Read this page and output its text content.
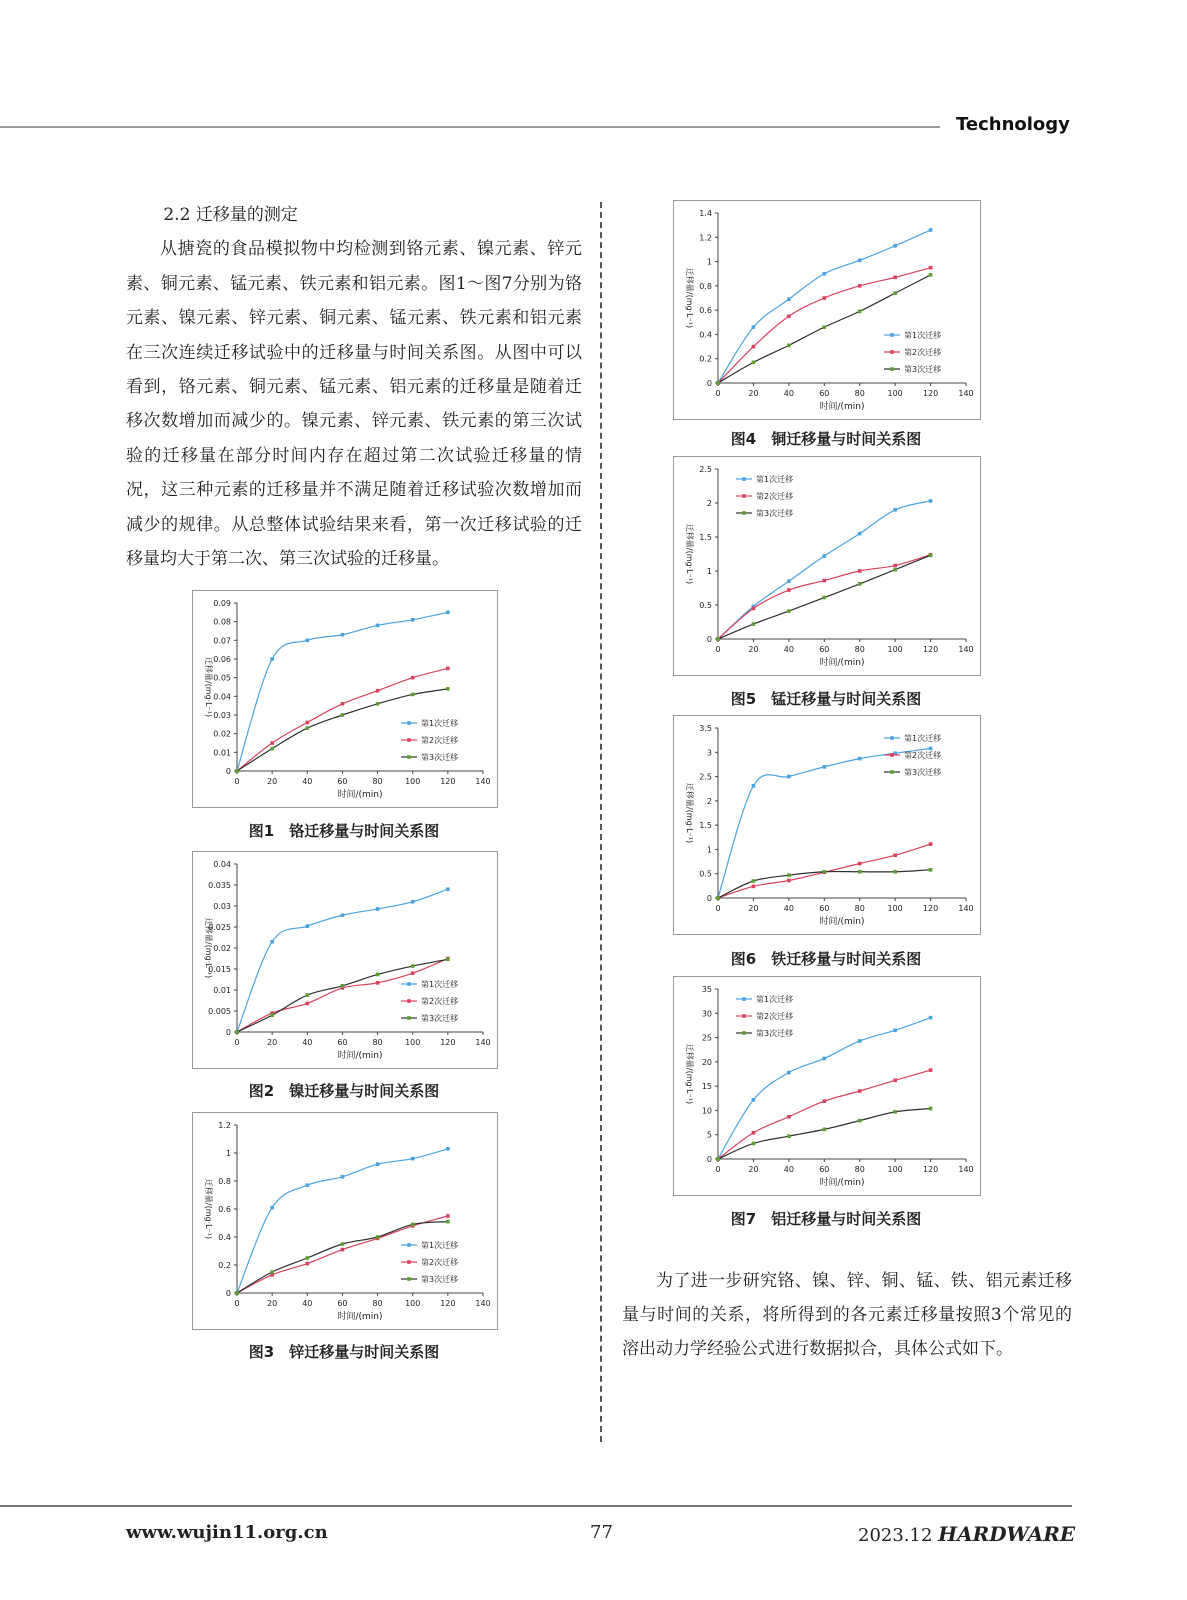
Technology

2.2 迁移量的测定

从搪瓷的食品模拟物中均检测到铬元素、镍元素、锌元素、铜元素、锰元素、铁元素和铝元素。图1～图7分别为铬元素、镍元素、锌元素、铜元素、锰元素、铁元素和铝元素在三次连续迁移试验中的迁移量与时间关系图。从图中可以看到，铬元素、铜元素、锰元素、铝元素的迁移量是随着迁移次数增加而减少的。镍元素、锌元素、铁元素的第三次试验的迁移量在部分时间内存在超过第二次试验迁移量的情况，这三种元素的迁移量并不满足随着迁移试验次数增加而减少的规律。从总整体试验结果来看，第一次迁移试验的迁移量均大于第二次、第三次试验的迁移量。

为了进一步研究铬、镍、锌、铜、锰、铁、铝元素迁移量与时间的关系，将所得到的各元素迁移量按照3个常见的溶出动力学经验公式进行数据拟合，具体公式如下。

0
0.01
0.02
0.03
0.04
0.05
0.06
0.07
0.08
0.09
0	20	40	60	80	100 120 140
时间/(min)
迁移量/(mg·L⁻¹)
第1次迁移
第2次迁移
第3次迁移
图1　铬迁移量与时间关系图
0
0.005
0.01
0.015
0.02
0.025
0.03
0.035
0.04
0	20	40	60	80	100 120 140
时间/(min)
迁移量/(mg·L⁻¹)
第1次迁移
第2次迁移
第3次迁移
图2　镍迁移量与时间关系图
0
0.2
0.4
0.6
0.8
1
1.2
0	20	40	60	80	100 120 140
时间/(min)
迁移量/(mg·L⁻¹)
第1次迁移
第2次迁移
第3次迁移
图3　锌迁移量与时间关系图
0
0.2
0.4
0.6
0.8
1
1.2
1.4
0	20	40	60	80	100	120	140
时间/(min)
迁移量/(mg·L⁻¹)
第1次迁移
第2次迁移
第3次迁移
图4　铜迁移量与时间关系图
0
0.5
1
1.5
2
2.5
0	20	40	60	80	100	120	140
时间/(min)
迁移量/(mg·L⁻¹)
第1次迁移
第2次迁移
第3次迁移
图5　锰迁移量与时间关系图
0
0.5
1
1.5
2
2.5
3
3.5
0	20	40	60	80	100	120	140
时间/(min)
迁移量/(mg·L⁻¹)
第1次迁移
第2次迁移
第3次迁移
图6　铁迁移量与时间关系图
0
5
10
15
20
25
30
35
0	20	40	60	80	100	120	140
时间/(min)
迁移量/(mg·L⁻¹)
第1次迁移
第2次迁移
第3次迁移
图7　铝迁移量与时间关系图
www.wujin11.org.cn	77	2023.12 HARDWARE
